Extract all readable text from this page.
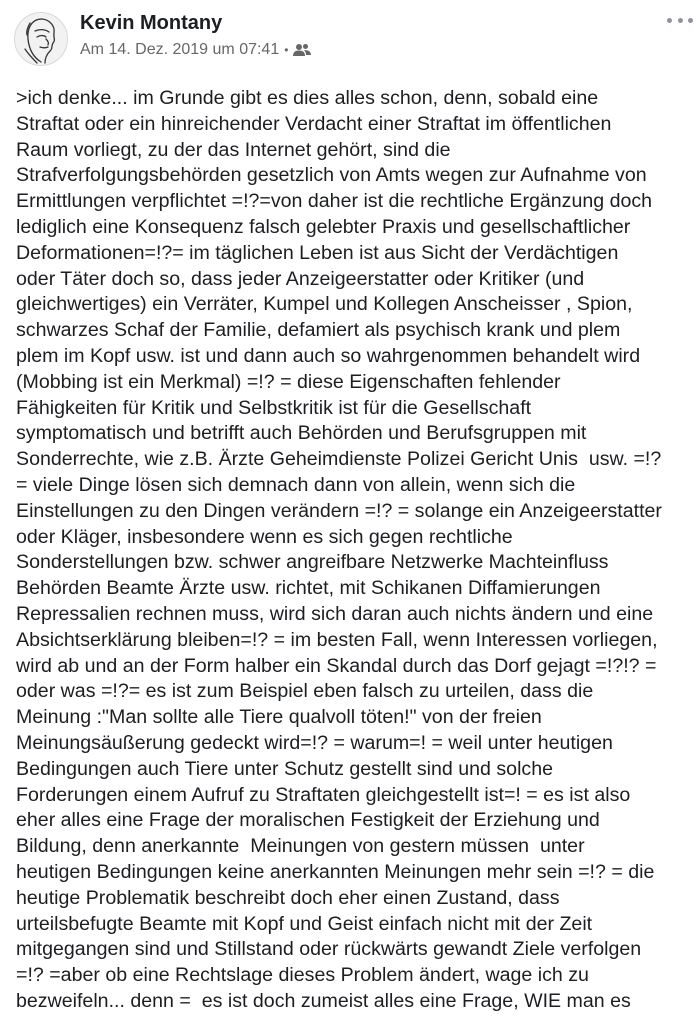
Kevin Montany
Am 14. Dez. 2019 um 07:41 •
>ich denke... im Grunde gibt es dies alles schon, denn, sobald eine
Straftat oder ein hinreichender Verdacht einer Straftat im öffentlichen
Raum vorliegt, zu der das Internet gehört, sind die
Strafverfolgungsbehörden gesetzlich von Amts wegen zur Aufnahme von
Ermittlungen verpflichtet =!?=von daher ist die rechtliche Ergänzung doch
lediglich eine Konsequenz falsch gelebter Praxis und gesellschaftlicher
Deformationen=!?= im täglichen Leben ist aus Sicht der Verdächtigen
oder Täter doch so, dass jeder Anzeigeerstatter oder Kritiker (und
gleichwertiges) ein Verräter, Kumpel und Kollegen Anscheisser , Spion,
schwarzes Schaf der Familie, defamiert als psychisch krank und plem
plem im Kopf usw. ist und dann auch so wahrgenommen behandelt wird
(Mobbing ist ein Merkmal) =!? = diese Eigenschaften fehlender
Fähigkeiten für Kritik und Selbstkritik ist für die Gesellschaft
symptomatisch und betrifft auch Behörden und Berufsgruppen mit
Sonderrechte, wie z.B. Ärzte Geheimdienste Polizei Gericht Unis  usw. =!?
= viele Dinge lösen sich demnach dann von allein, wenn sich die
Einstellungen zu den Dingen verändern =!? = solange ein Anzeigeerstatter
oder Kläger, insbesondere wenn es sich gegen rechtliche
Sonderstellungen bzw. schwer angreifbare Netzwerke Machteinfluss
Behörden Beamte Ärzte usw. richtet, mit Schikanen Diffamierungen
Repressalien rechnen muss, wird sich daran auch nichts ändern und eine
Absichtserklärung bleiben=!? = im besten Fall, wenn Interessen vorliegen,
wird ab und an der Form halber ein Skandal durch das Dorf gejagt =!?!? =
oder was =!?= es ist zum Beispiel eben falsch zu urteilen, dass die
Meinung :"Man sollte alle Tiere qualvoll töten!" von der freien
Meinungsäußerung gedeckt wird=!? = warum=! = weil unter heutigen
Bedingungen auch Tiere unter Schutz gestellt sind und solche
Forderungen einem Aufruf zu Straftaten gleichgestellt ist=! = es ist also
eher alles eine Frage der moralischen Festigkeit der Erziehung und
Bildung, denn anerkannte  Meinungen von gestern müssen  unter
heutigen Bedingungen keine anerkannten Meinungen mehr sein =!? = die
heutige Problematik beschreibt doch eher einen Zustand, dass
urteilsbefugte Beamte mit Kopf und Geist einfach nicht mit der Zeit
mitgegangen sind und Stillstand oder rückwärts gewandt Ziele verfolgen
=!? =aber ob eine Rechtslage dieses Problem ändert, wage ich zu
bezweifeln... denn =  es ist doch zumeist alles eine Frage, WIE man es
